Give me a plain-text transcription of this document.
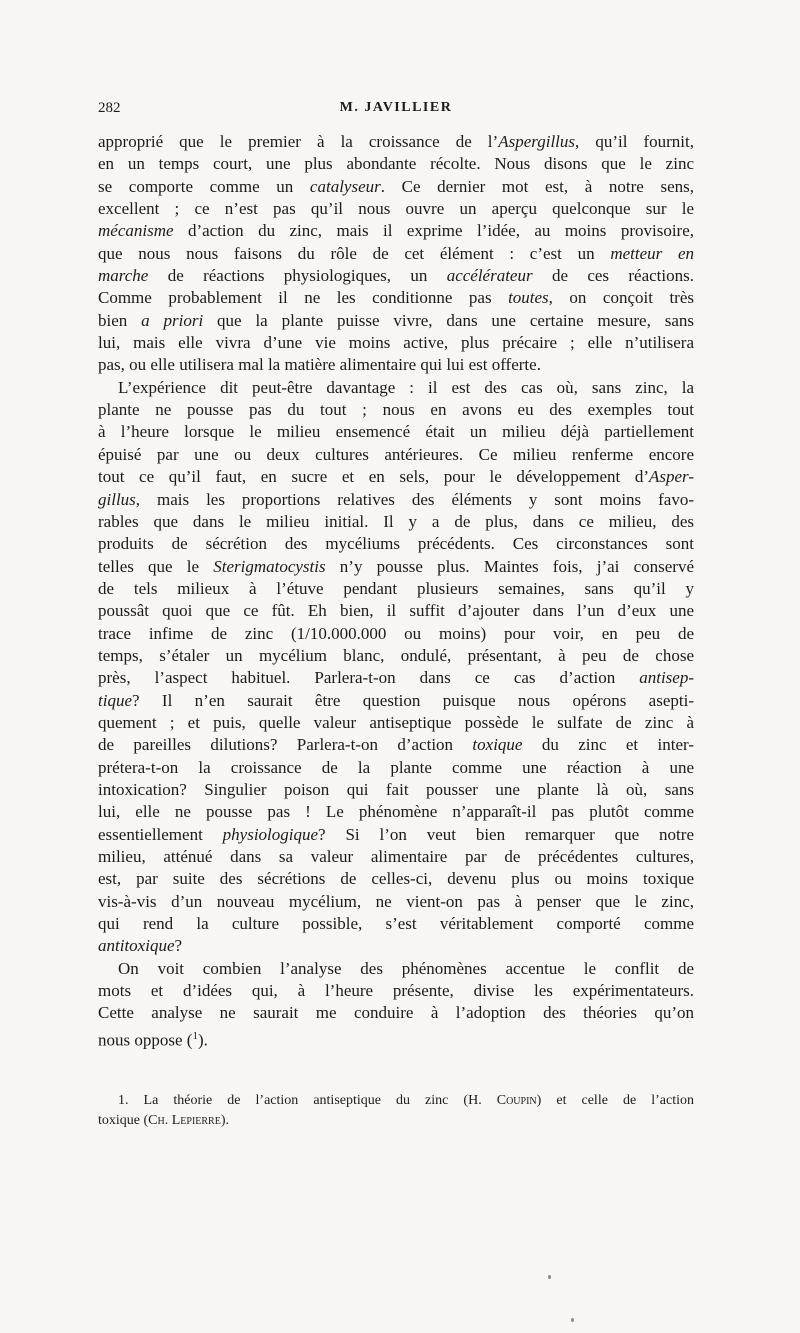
282	M. JAVILLIER
approprié que le premier à la croissance de l’Aspergillus, qu’il fournit,
en un temps court, une plus abondante récolte. Nous disons que le zinc
se comporte comme un catalyseur. Ce dernier mot est, à notre sens,
excellent ; ce n’est pas qu’il nous ouvre un aperçu quelconque sur le
mécanisme d’action du zinc, mais il exprime l’idée, au moins provisoire,
que nous nous faisons du rôle de cet élément : c’est un metteur en
marche de réactions physiologiques, un accélérateur de ces réactions.
Comme probablement il ne les conditionne pas toutes, on conçoit très
bien a priori que la plante puisse vivre, dans une certaine mesure, sans
lui, mais elle vivra d’une vie moins active, plus précaire ; elle n’utilisera
pas, ou elle utilisera mal la matière alimentaire qui lui est offerte.
L’expérience dit peut-être davantage : il est des cas où, sans zinc, la
plante ne pousse pas du tout ; nous en avons eu des exemples tout
à l’heure lorsque le milieu ensemencé était un milieu déjà partiellement
épuisé par une ou deux cultures antérieures. Ce milieu renferme encore
tout ce qu’il faut, en sucre et en sels, pour le développement d’Asper-
gillus, mais les proportions relatives des éléments y sont moins favo-
rables que dans le milieu initial. Il y a de plus, dans ce milieu, des
produits de sécrétion des mycéliums précédents. Ces circonstances sont
telles que le Sterigmatocystis n’y pousse plus. Maintes fois, j’ai conservé
de tels milieux à l’étuve pendant plusieurs semaines, sans qu’il y
poussât quoi que ce fût. Eh bien, il suffit d’ajouter dans l’un d’eux une
trace infime de zinc (1/10.000.000 ou moins) pour voir, en peu de
temps, s’étaler un mycélium blanc, ondulé, présentant, à peu de chose
près, l’aspect habituel. Parlera-t-on dans ce cas d’action antisep-
tique? Il n’en saurait être question puisque nous opérons asepti-
quement ; et puis, quelle valeur antiseptique possède le sulfate de zinc à
de pareilles dilutions? Parlera-t-on d’action toxique du zinc et inter-
prétera-t-on la croissance de la plante comme une réaction à une
intoxication? Singulier poison qui fait pousser une plante là où, sans
lui, elle ne pousse pas ! Le phénomène n’apparaît-il pas plutôt comme
essentiellement physiologique? Si l’on veut bien remarquer que notre
milieu, atténué dans sa valeur alimentaire par de précédentes cultures,
est, par suite des sécrétions de celles-ci, devenu plus ou moins toxique
vis-à-vis d’un nouveau mycélium, ne vient-on pas à penser que le zinc,
qui rend la culture possible, s’est véritablement comporté comme
antitoxique?
On voit combien l’analyse des phénomènes accentue le conflit de
mots et d’idées qui, à l’heure présente, divise les expérimentateurs.
Cette analyse ne saurait me conduire à l’adoption des théories qu’on
nous oppose ($^1$).
1. La théorie de l’action antiseptique du zinc (H. Coupin) et celle de l’action
toxique (Ch. Lepierre).
